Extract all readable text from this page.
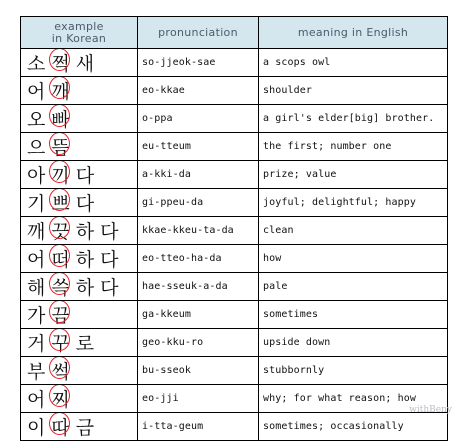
example
in Korean	pronunciation	meaning in English
소 쩍 새	so-jjeok-sae	a scops owl
어 깨	eo-kkae	shoulder
오 빠	o-ppa	a girl's elder[big] brother.
으 뜸	eu-tteum	the first; number one
아 끼 다	a-kki-da	prize; value
기 쁘 다	gi-ppeu-da	joyful; delightful; happy
깨 끗 하 다	kkae-kkeu-ta-da	clean
어 떠 하 다	eo-tteo-ha-da	how
해 쓱 하 다	hae-sseuk-a-da	pale
가 끔	ga-kkeum	sometimes
거 꾸 로	geo-kku-ro	upside down
부 썩	bu-sseok	stubbornly
어 찌	eo-jji	why; for what reason; how
이 따 금	i-tta-geum	sometimes; occasionally
withBeny
